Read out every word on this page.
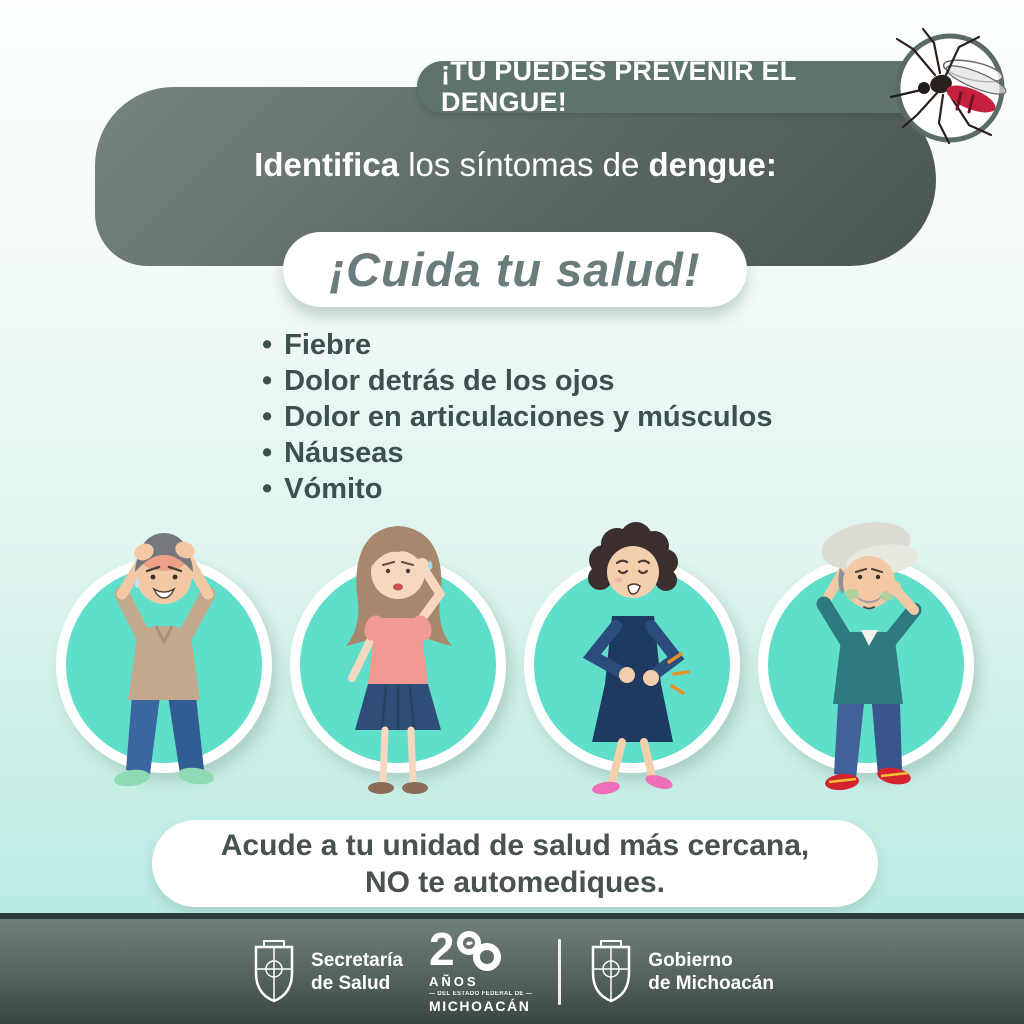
¡TÚ PUEDES PREVENIR EL DENGUE!
Identifica los síntomas de dengue:
¡Cuida tu salud!
• Fiebre
• Dolor detrás de los ojos
• Dolor en articulaciones y músculos
• Náuseas
• Vómito
Acude a tu unidad de salud más cercana,
NO te automediques.
Secretaría
de Salud
2
AÑOS
— DEL ESTADO FEDERAL DE —
MICHOACÁN
Gobierno
de Michoacán
